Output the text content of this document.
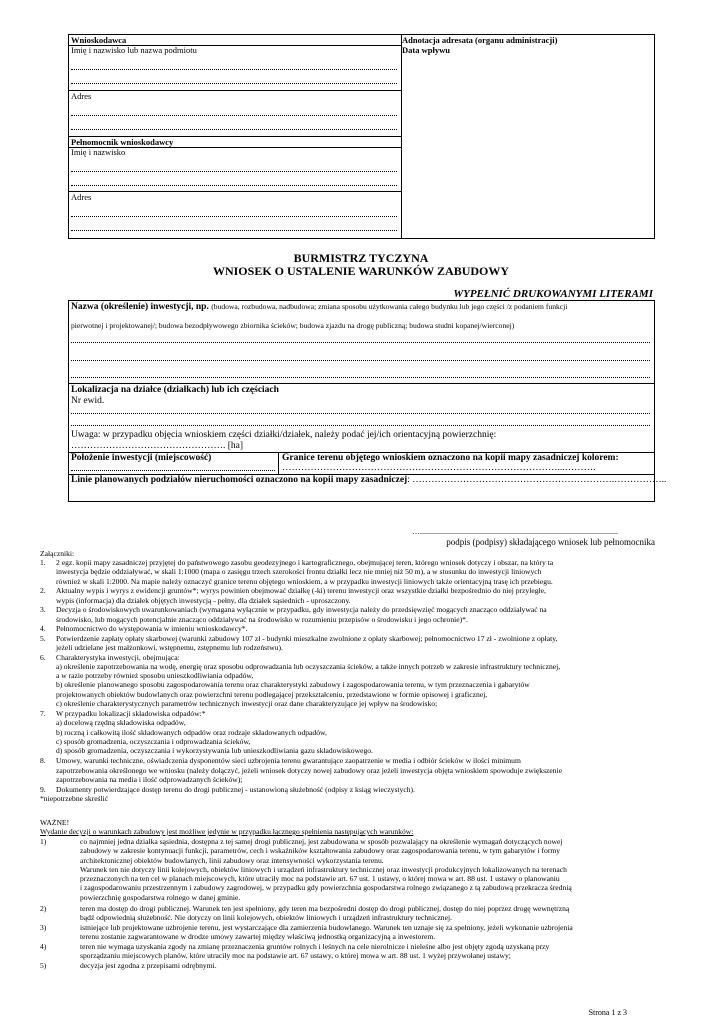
Wnioskodawca
Imię i nazwisko lub nazwa podmiotu
Adres
Pełnomocnik wnioskodawcy
Imię i nazwisko
Adres
Adnotacja adresata (organu administracji)
Data wpływu
BURMISTRZ TYCZYNA
WNIOSEK O USTALENIE WARUNKÓW ZABUDOWY
WYPEŁNIĆ DRUKOWANYMI LITERAMI
Nazwa (określenie) inwestycji, np. (budowa, rozbudowa, nadbudowa; zmiana sposobu użytkowania całego budynku lub jego części /z podaniem funkcji
pierwotnej i projektowanej/; budowa bezodpływowego zbiornika ścieków; budowa zjazdu na drogę publiczną; budowa studni kopanej/wierconej)
Lokalizacja na działce (działkach) lub ich częściach
Nr ewid.
Uwaga: w przypadku objęcia wnioskiem części działki/działek, należy podać jej/ich orientacyjną powierzchnię:
…………………………………………. [ha]
Położenie inwestycji (miejscowość)	Granice terenu objętego wnioskiem oznaczono na kopii mapy zasadniczej kolorem:
……………………………………………………………………………...……….
Linie planowanych podziałów nieruchomości oznaczono na kopii mapy zasadniczej: ……………………………………………………….……………..
…...................................................................................................
podpis (podpisy) składającego wniosek lub pełnomocnika
Załączniki:
1. 2 egz. kopii mapy zasadniczej przyjętej do państwowego zasobu geodezyjnego i kartograficznego, obejmującej teren, którego wniosek dotyczy i obszar, na który ta
inwestycja będzie oddziaływać, w skali 1:1000 (mapa o zasięgu trzech szerokości frontu działki lecz nie mniej niż 50 m), a w stosunku do inwestycji liniowych
również w skali 1:2000. Na mapie należy oznaczyć granice terenu objętego wnioskiem, a w przypadku inwestycji liniowych także orientacyjną trasę ich przebiegu.
2. Aktualny wypis i wyrys z ewidencji gruntów*; wyrys powinien obejmować działkę (-ki) terenu inwestycji oraz wszystkie działki bezpośrednio do niej przyległe,
wypis (informacja) dla działek objętych inwestycją - pełny, dla działek sąsiednich - uproszczony.
3. Decyzja o środowiskowych uwarunkowaniach (wymagana wyłącznie w przypadku, gdy inwestycja należy do przedsięwzięć mogących znacząco oddziaływać na
środowisko, lub mogących potencjalnie znacząco oddziaływać na środowisko w rozumieniu przepisów o środowisku i jego ochronie)*.
4. Pełnomocnictwo do występowania w imieniu wnioskodawcy*.
5. Potwierdzenie zapłaty opłaty skarbowej (warunki zabudowy 107 zł - budynki mieszkalne zwolnione z opłaty skarbowej; pełnomocnictwo 17 zł - zwolnione z opłaty,
jeżeli udzielane jest małżonkowi, wstępnemu, zstępnemu lub rodzeństwu).
6. Charakterystyka inwestycji, obejmująca:
a) określenie zapotrzebowania na wodę, energię oraz sposobu odprowadzania lub oczyszczania ścieków, a także innych potrzeb w zakresie infrastruktury technicznej,
a w razie potrzeby również sposobu unieszkodliwiania odpadów,
b) określenie planowanego sposobu zagospodarowania terenu oraz charakterystyki zabudowy i zagospodarowania terenu, w tym przeznaczenia i gabarytów
projektowanych obiektów budowlanych oraz powierzchni terenu podlegającej przekształceniu, przedstawione w formie opisowej i graficznej,
c) określenie charakterystycznych parametrów technicznych inwestycji oraz dane charakteryzujące jej wpływ na środowisko;
7. W przypadku lokalizacji składowiska odpadów:*
a) docelową rzędną składowiska odpadów,
b) roczną i całkowitą ilość składowanych odpadów oraz rodzaje składowanych odpadów,
c) sposób gromadzenia, oczyszczania i odprowadzania ścieków,
d) sposób gromadzenia, oczyszczania i wykorzystywania lub unieszkodliwiania gazu składowiskowego.
8. Umowy, warunki techniczne, oświadczenia dysponentów sieci uzbrojenia terenu gwarantujące zaopatrzenie w media i odbiór ścieków w ilości minimum
zapotrzebowania określonego we wniosku (należy dołączyć, jeżeli wniosek dotyczy nowej zabudowy oraz jeżeli inwestycja objęta wnioskiem spowoduje zwiększenie
zapotrzebowania na media i ilość odprowadzanych ścieków);
9. Dokumenty potwierdzające dostęp terenu do drogi publicznej - ustanowioną służebność (odpisy z ksiąg wieczystych).
1)	co najmniej jedna działka sąsiednia, dostępna z tej samej drogi publicznej, jest zabudowana w sposób pozwalający na określenie wymagań dotyczących nowej
zabudowy w zakresie kontynuacji funkcji, parametrów, cech i wskaźników kształtowania zabudowy oraz zagospodarowania terenu, w tym gabarytów i formy
architektonicznej obiektów budowlanych, linii zabudowy oraz intensywności wykorzystania terenu.
Warunek ten nie dotyczy linii kolejowych, obiektów liniowych i urządzeń infrastruktury technicznej oraz inwestycji produkcyjnych lokalizowanych na terenach
przeznaczonych na ten cel w planach miejscowych, które utraciły moc na podstawie art. 67 ust. 1 ustawy, o której mowa w art. 88 ust. 1 ustawy o planowaniu
i zagospodarowaniu przestrzennym i zabudowy zagrodowej, w przypadku gdy powierzchnia gospodarstwa rolnego związanego z tą zabudową przekracza średnią
powierzchnię gospodarstwa rolnego w danej gminie.
2)	teren ma dostęp do drogi publicznej. Warunek ten jest spełniony, gdy teren ma bezpośredni dostęp do drogi publicznej, dostęp do niej poprzez drogę wewnętrzną
bądź odpowiednią służebność. Nie dotyczy on linii kolejowych, obiektów liniowych i urządzeń infrastruktury technicznej.
3)	istniejące lub projektowane uzbrojenie terenu, jest wystarczające dla zamierzenia budowlanego. Warunek ten uznaje się za spełniony, jeżeli wykonanie uzbrojenia
terenu zostanie zagwarantowane w drodze umowy zawartej między właściwą jednostką organizacyjną a inwestorem.
4)	teren nie wymaga uzyskania zgody na zmianę przeznaczenia gruntów rolnych i leśnych na cele nierolnicze i nieleśne albo jest objęty zgodą uzyskaną przy
sporządzaniu miejscowych planów, które utraciły moc na podstawie art. 67 ustawy, o której mowa w art. 88 ust. 1 wyżej przywołanej ustawy;
5)	decyzja jest zgodna z przepisami odrębnymi.
Strona 1 z 3
*niepotrzebne skreślić
WAŻNE!
Wydanie decyzji o warunkach zabudowy jest możliwe jedynie w przypadku łącznego spełnienia następujących warunków:
